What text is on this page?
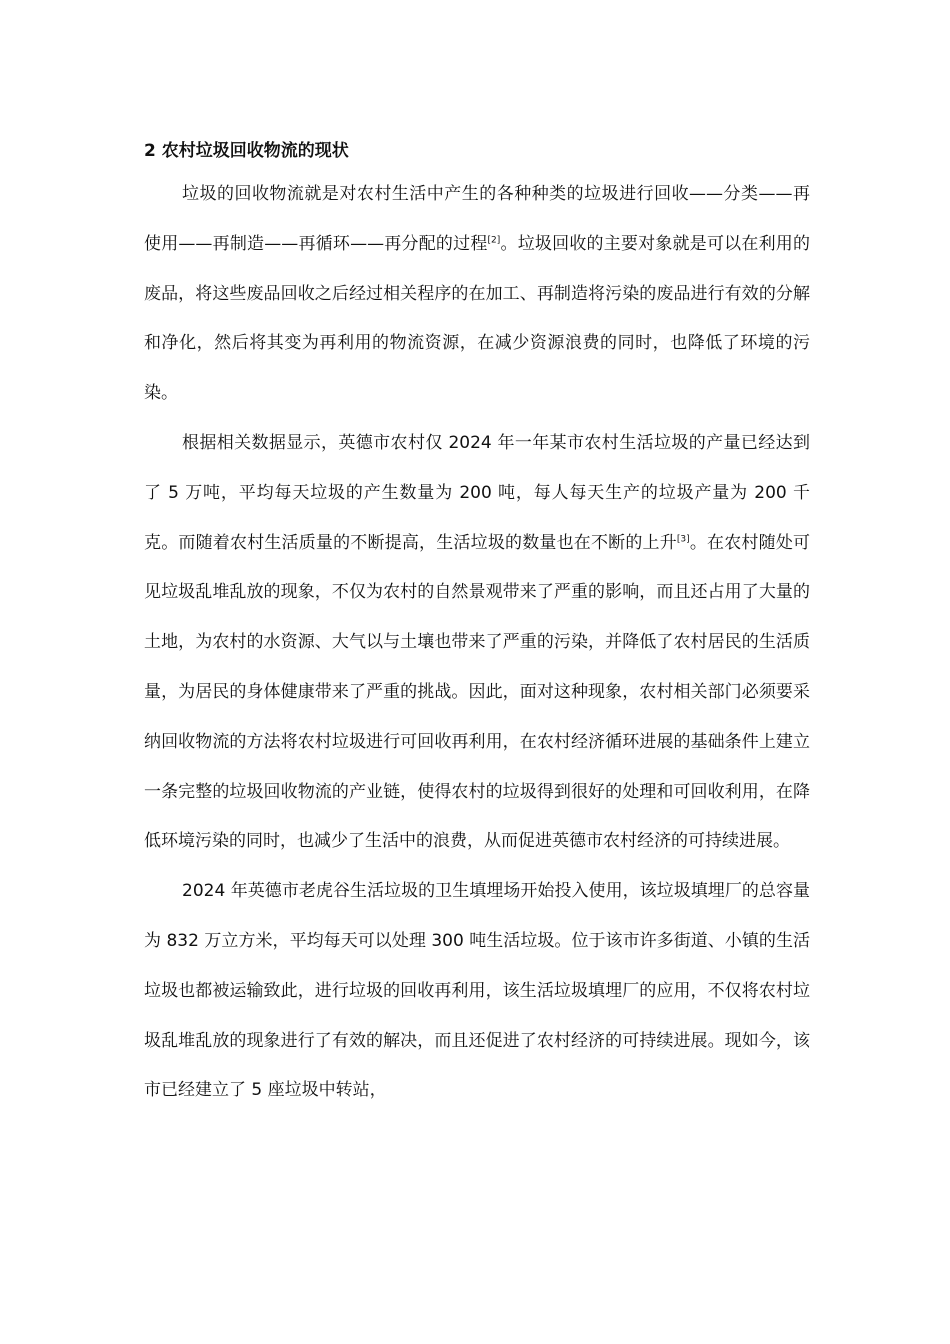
2 农村垃圾回收物流的现状

垃圾的回收物流就是对农村生活中产生的各种种类的垃圾进行回收——分类——再使用——再制造——再循环——再分配的过程[2]。垃圾回收的主要对象就是可以在利用的废品，将这些废品回收之后经过相关程序的在加工、再制造将污染的废品进行有效的分解和净化，然后将其变为再利用的物流资源，在减少资源浪费的同时，也降低了环境的污染。

根据相关数据显示，英德市农村仅 2024 年一年某市农村生活垃圾的产量已经达到了 5 万吨，平均每天垃圾的产生数量为 200 吨，每人每天生产的垃圾产量为 200 千克。而随着农村生活质量的不断提高，生活垃圾的数量也在不断的上升[3]。在农村随处可见垃圾乱堆乱放的现象，不仅为农村的自然景观带来了严重的影响，而且还占用了大量的土地，为农村的水资源、大气以与土壤也带来了严重的污染，并降低了农村居民的生活质量，为居民的身体健康带来了严重的挑战。因此，面对这种现象，农村相关部门必须要采纳回收物流的方法将农村垃圾进行可回收再利用，在农村经济循环进展的基础条件上建立一条完整的垃圾回收物流的产业链，使得农村的垃圾得到很好的处理和可回收利用，在降低环境污染的同时，也减少了生活中的浪费，从而促进英德市农村经济的可持续进展。

2024 年英德市老虎谷生活垃圾的卫生填埋场开始投入使用，该垃圾填埋厂的总容量为 832 万立方米，平均每天可以处理 300 吨生活垃圾。位于该市许多街道、小镇的生活垃圾也都被运输致此，进行垃圾的回收再利用，该生活垃圾填埋厂的应用，不仅将农村垃圾乱堆乱放的现象进行了有效的解决，而且还促进了农村经济的可持续进展。现如今，该市已经建立了 5 座垃圾中转站，
